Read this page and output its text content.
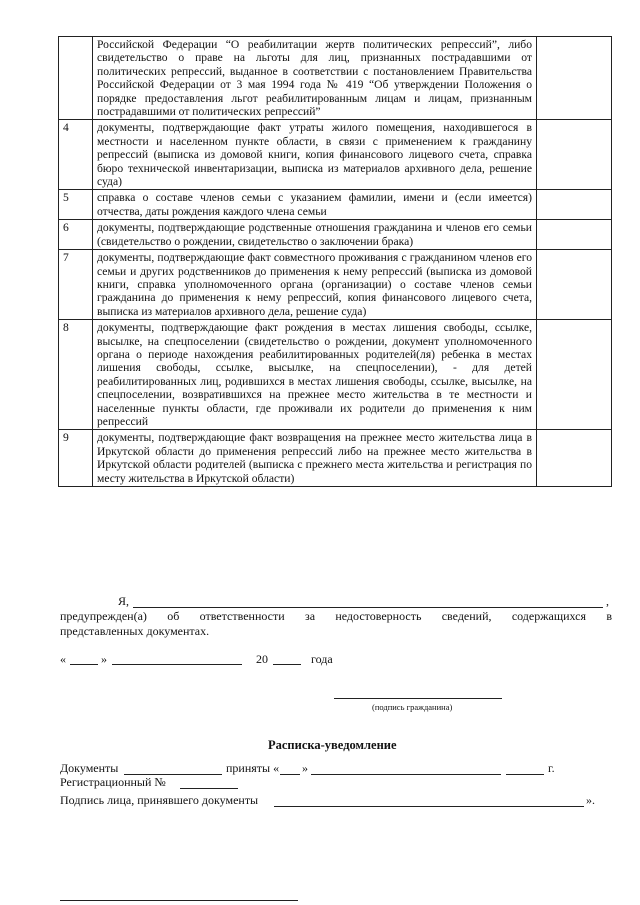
	Российской Федерации “О реабилитации жертв политических репрессий”, либо свидетельство о праве на льготы для лиц, признанных пострадавшими от политических репрессий, выданное в соответствии с постановлением Правительства Российской Федерации от 3 мая 1994 года № 419 “Об утверждении Положения о порядке предоставления льгот реабилитированным лицам и лицам, признанным пострадавшими от политических репрессий”	
4	документы, подтверждающие факт утраты жилого помещения, находившегося в местности и населенном пункте области, в связи с применением к гражданину репрессий (выписка из домовой книги, копия финансового лицевого счета, справка бюро технической инвентаризации, выписка из материалов архивного дела, решение суда)	
5	справка о составе членов семьи с указанием фамилии, имени и (если имеется) отчества, даты рождения каждого члена семьи	
6	документы, подтверждающие родственные отношения гражданина и членов его семьи (свидетельство о рождении, свидетельство о заключении брака)	
7	документы, подтверждающие факт совместного проживания с гражданином членов его семьи и других родственников до применения к нему репрессий (выписка из домовой книги, справка уполномоченного органа (организации) о составе членов семьи гражданина до применения к нему репрессий, копия финансового лицевого счета, выписка из материалов архивного дела, решение суда)	
8	документы, подтверждающие факт рождения в местах лишения свободы, ссылке, высылке, на спецпоселении (свидетельство о рождении, документ уполномоченного органа о периоде нахождения реабилитированных родителей(ля) ребенка в местах лишения свободы, ссылке, высылке, на спецпоселении), - для детей реабилитированных лиц, родившихся в местах лишения свободы, ссылке, высылке, на спецпоселении, возвратившихся на прежнее место жительства в те местности и населенные пункты области, где проживали их родители до применения к ним репрессий	
9	документы, подтверждающие факт возвращения на прежнее место жительства лица в Иркутской области до применения репрессий либо на прежнее место жительства в Иркутской области родителей (выписка с прежнего места жительства и регистрация по месту жительства в Иркутской области)	
Я,	,
предупрежден(а) об ответственности за недостоверность сведений, содержащихся в
представленных документах.
«	»	20	года
(подпись гражданина)
Расписка-уведомление
Документы	приняты « »	г.
Регистрационный №
Подпись лица, принявшего документы	».
